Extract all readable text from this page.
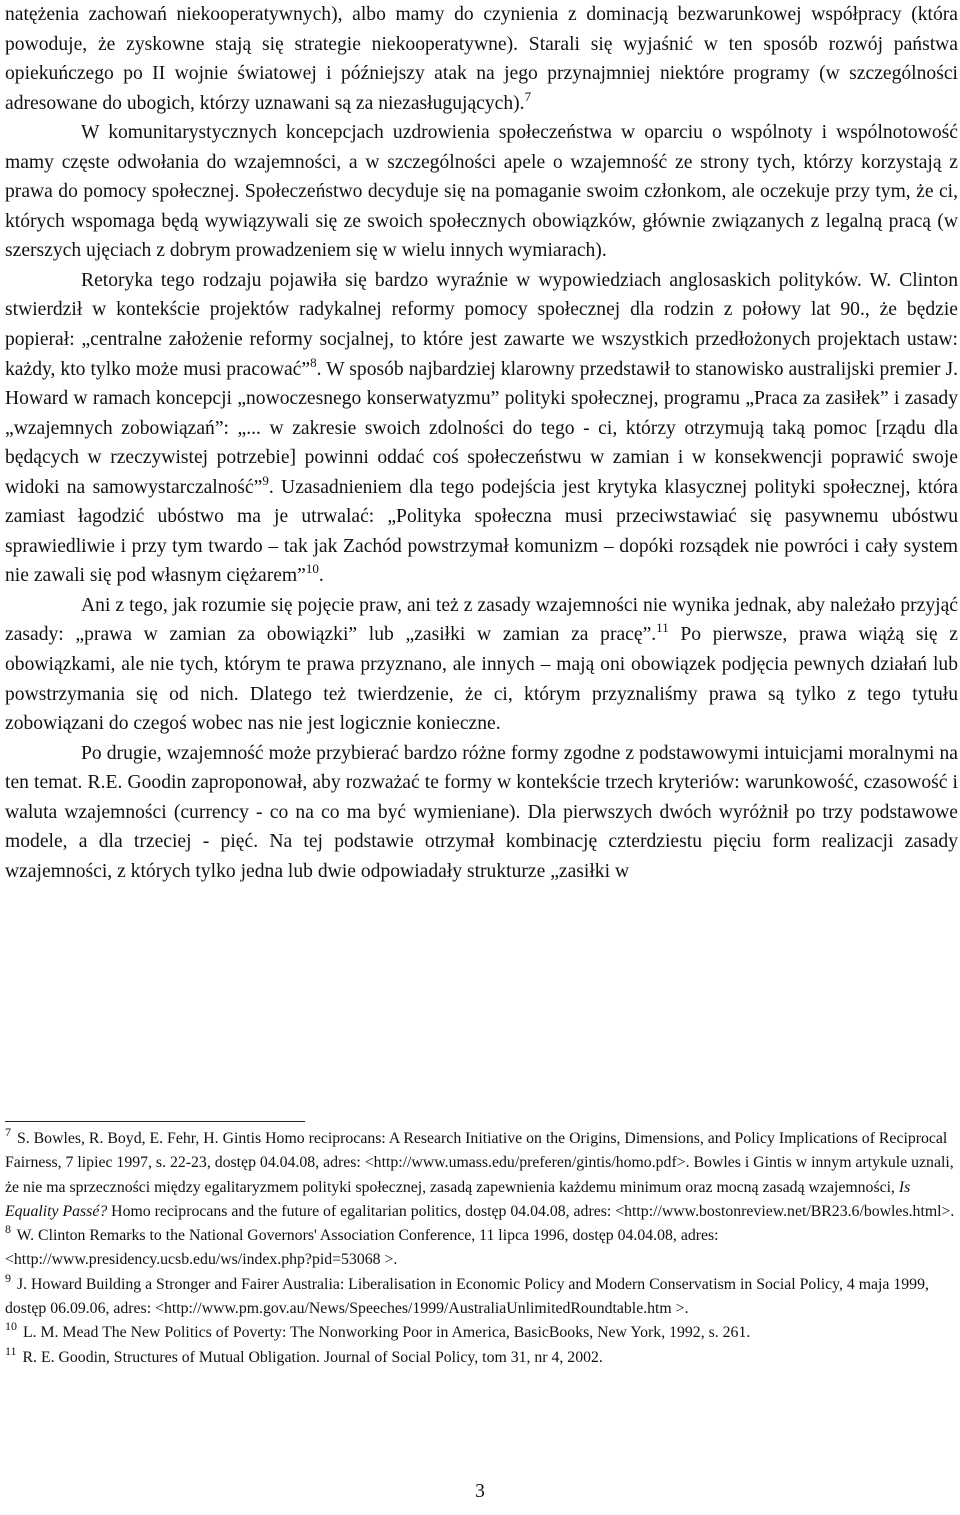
natężenia zachowań niekooperatywnych), albo mamy do czynienia z dominacją bezwarunkowej współpracy (która powoduje, że zyskowne stają się strategie niekooperatywne). Starali się wyjaśnić w ten sposób rozwój państwa opiekuńczego po II wojnie światowej i późniejszy atak na jego przynajmniej niektóre programy (w szczególności adresowane do ubogich, którzy uznawani są za niezasługujących).$^7$

W komunitarystycznych koncepcjach uzdrowienia społeczeństwa w oparciu o wspólnoty i wspólnotowość mamy częste odwołania do wzajemności, a w szczególności apele o wzajemność ze strony tych, którzy korzystają z prawa do pomocy społecznej. Społeczeństwo decyduje się na pomaganie swoim członkom, ale oczekuje przy tym, że ci, których wspomaga będą wywiązywali się ze swoich społecznych obowiązków, głównie związanych z legalną pracą (w szerszych ujęciach z dobrym prowadzeniem się w wielu innych wymiarach).

Retoryka tego rodzaju pojawiła się bardzo wyraźnie w wypowiedziach anglosaskich polityków. W. Clinton stwierdził w kontekście projektów radykalnej reformy pomocy społecznej dla rodzin z połowy lat 90., że będzie popierał: „centralne założenie reformy socjalnej, to które jest zawarte we wszystkich przedłożonych projektach ustaw: każdy, kto tylko może musi pracować”$^8$. W sposób najbardziej klarowny przedstawił to stanowisko australijski premier J. Howard w ramach koncepcji „nowoczesnego konserwatyzmu” polityki społecznej, programu „Praca za zasiłek” i zasady „wzajemnych zobowiązań”: „... w zakresie swoich zdolności do tego - ci, którzy otrzymują taką pomoc [rządu dla będących w rzeczywistej potrzebie] powinni oddać coś społeczeństwu w zamian i w konsekwencji poprawić swoje widoki na samowystarczalność”$^9$. Uzasadnieniem dla tego podejścia jest krytyka klasycznej polityki społecznej, która zamiast łagodzić ubóstwo ma je utrwalać: „Polityka społeczna musi przeciwstawiać się pasywnemu ubóstwu sprawiedliwie i przy tym twardo – tak jak Zachód powstrzymał komunizm – dopóki rozsądek nie powróci i cały system nie zawali się pod własnym ciężarem”$^{10}$.

Ani z tego, jak rozumie się pojęcie praw, ani też z zasady wzajemności nie wynika jednak, aby należało przyjąć zasady: „prawa w zamian za obowiązki” lub „zasiłki w zamian za pracę”.$^{11}$ Po pierwsze, prawa wiążą się z obowiązkami, ale nie tych, którym te prawa przyznano, ale innych – mają oni obowiązek podjęcia pewnych działań lub powstrzymania się od nich. Dlatego też twierdzenie, że ci, którym przyznaliśmy prawa są tylko z tego tytułu zobowiązani do czegoś wobec nas nie jest logicznie konieczne.

Po drugie, wzajemność może przybierać bardzo różne formy zgodne z podstawowymi intuicjami moralnymi na ten temat. R.E. Goodin zaproponował, aby rozważać te formy w kontekście trzech kryteriów: warunkowość, czasowość i waluta wzajemności (currency - co na co ma być wymieniane). Dla pierwszych dwóch wyróżnił po trzy podstawowe modele, a dla trzeciej - pięć. Na tej podstawie otrzymał kombinację czterdziestu pięciu form realizacji zasady wzajemności, z których tylko jedna lub dwie odpowiadały strukturze „zasiłki w

$^7$ S. Bowles, R. Boyd, E. Fehr, H. Gintis Homo reciprocans: A Research Initiative on the Origins, Dimensions, and Policy Implications of Reciprocal Fairness, 7 lipiec 1997, s. 22-23, dostęp 04.04.08, adres: <http://www.umass.edu/preferen/gintis/homo.pdf>. Bowles i Gintis w innym artykule uznali, że nie ma sprzeczności między egalitaryzmem polityki społecznej, zasadą zapewnienia każdemu minimum oraz mocną zasadą wzajemności, Is Equality Passé? Homo reciprocans and the future of egalitarian politics, dostęp 04.04.08, adres: <http://www.bostonreview.net/BR23.6/bowles.html>.

$^8$ W. Clinton Remarks to the National Governors' Association Conference, 11 lipca 1996, dostęp 04.04.08, adres: <http://www.presidency.ucsb.edu/ws/index.php?pid=53068 >.

$^9$ J. Howard Building a Stronger and Fairer Australia: Liberalisation in Economic Policy and Modern Conservatism in Social Policy, 4 maja 1999, dostęp 06.09.06, adres: <http://www.pm.gov.au/News/Speeches/1999/AustraliaUnlimitedRoundtable.htm >.

$^{10}$ L. M. Mead The New Politics of Poverty: The Nonworking Poor in America, BasicBooks, New York, 1992, s. 261.

$^{11}$ R. E. Goodin, Structures of Mutual Obligation. Journal of Social Policy, tom 31, nr 4, 2002.

3
